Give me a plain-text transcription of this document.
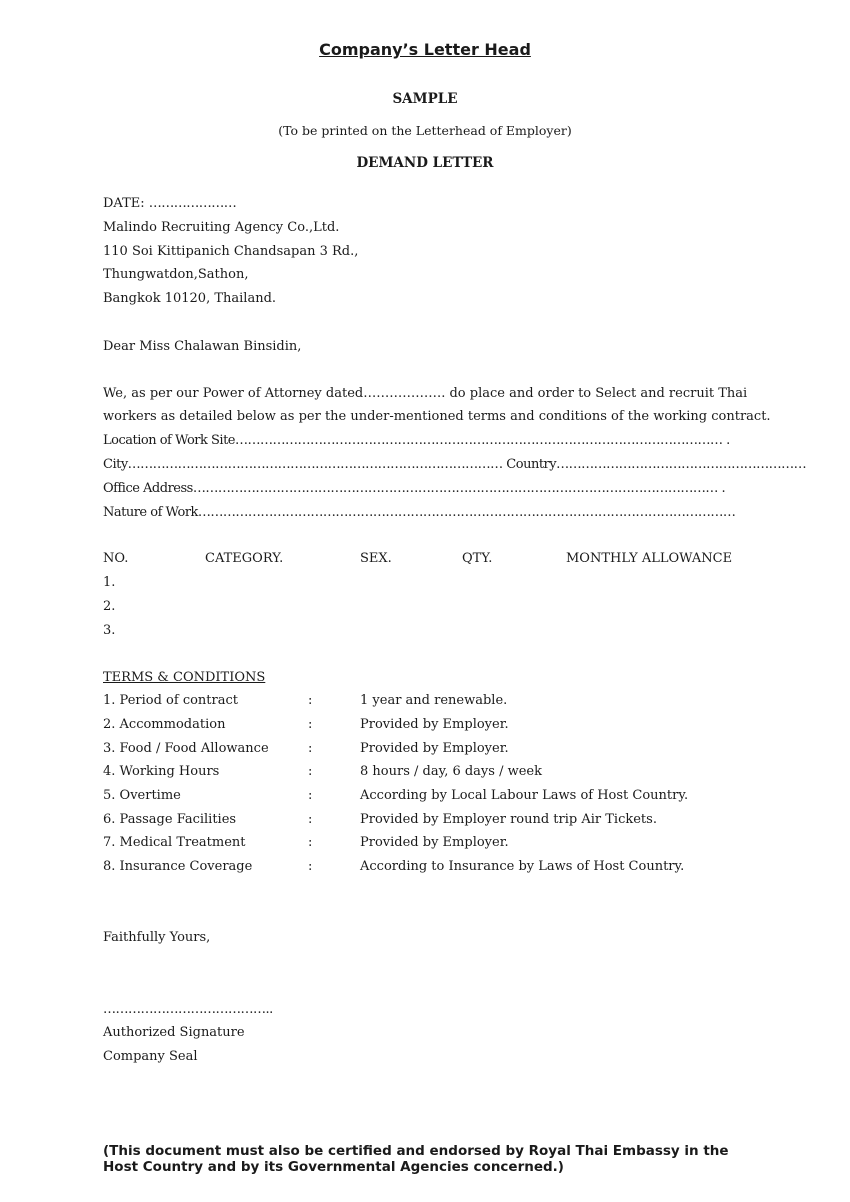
Company’s Letter Head
SAMPLE
(To be printed on the Letterhead of Employer)
DEMAND LETTER
DATE: …………………
Malindo Recruiting Agency Co.,Ltd.
110 Soi Kittipanich Chandsapan 3 Rd.,
Thungwatdon,Sathon,
Bangkok 10120, Thailand.
Dear Miss Chalawan Binsidin,
We, as per our Power of Attorney dated………………. do place and order to Select and recruit Thai
workers as detailed below as per the under-mentioned terms and conditions of the working contract.
Location of Work Site……………………………………………………………………………………………………… .
City……………………………………………………………………………… Country……………………………………………………
Office Address……………………………………………………………………………………………………………… .
Nature of Work…………………………………………………………………………………………………………………
NO.	CATEGORY.	SEX.	QTY.	MONTHLY ALLOWANCE
1.
2.
3.
TERMS & CONDITIONS
1. Period of contract	:	1 year and renewable.
2. Accommodation	:	Provided by Employer.
3. Food / Food Allowance	:	Provided by Employer.
4. Working Hours	:	8 hours / day, 6 days / week
5. Overtime	:	According by Local Labour Laws of Host Country.
6. Passage Facilities	:	Provided by Employer round trip Air Tickets.
7. Medical Treatment	:	Provided by Employer.
8. Insurance Coverage	:	According to Insurance by Laws of Host Country.
Faithfully Yours,
…………………………………..
Authorized Signature
Company Seal
(This document must also be certified and endorsed by Royal Thai Embassy in the Host Country and by its Governmental Agencies concerned.)
